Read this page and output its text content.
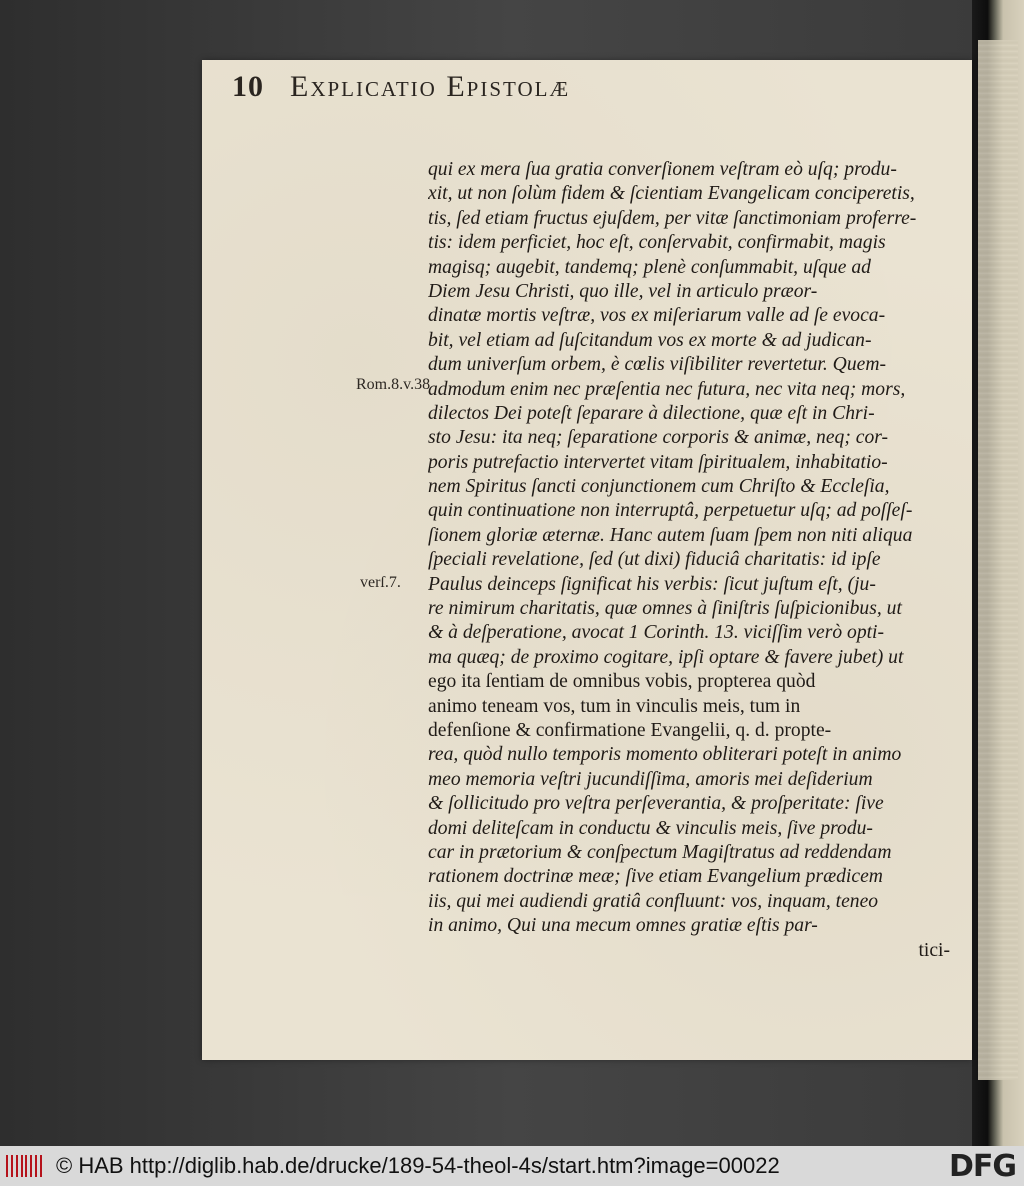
10 Explicatio Epistolæ
Rom.8.v.38
verſ.7.
qui ex mera ſua gratia converſionem veſtram eò uſq; produ-
xit, ut non ſolùm fidem & ſcientiam Evangelicam conciperetis,
tis, ſed etiam fructus ejuſdem, per vitæ ſanctimoniam proferre-
tis: idem perficiet, hoc eſt, conſervabit, confirmabit, magis
magisq; augebit, tandemq; plenè conſummabit, uſque ad
Diem Jesu Christi, quo ille, vel in articulo præor-
dinatæ mortis veſtræ, vos ex miſeriarum valle ad ſe evoca-
bit, vel etiam ad ſuſcitandum vos ex morte & ad judican-
dum univerſum orbem, è cœlis viſibiliter revertetur. Quem-
admodum enim nec præſentia nec futura, nec vita neq; mors,
dilectos Dei poteſt ſeparare à dilectione, quæ eſt in Chri-
sto Jesu: ita neq; ſeparatione corporis & animæ, neq; cor-
poris putrefactio intervertet vitam ſpiritualem, inhabitatio-
nem Spiritus ſancti conjunctionem cum Chriſto & Eccleſia,
quin continuatione non interruptâ, perpetuetur uſq; ad poſſeſ-
ſionem gloriæ æternæ. Hanc autem ſuam ſpem non niti aliqua
ſpeciali revelatione, ſed (ut dixi) fiduciâ charitatis: id ipſe
Paulus deinceps ſignificat his verbis: ſicut juſtum eſt, (ju-
re nimirum charitatis, quæ omnes à ſiniſtris ſuſpicionibus, ut
& à deſperatione, avocat 1 Corinth. 13. viciſſim verò opti-
ma quæq; de proximo cogitare, ipſi optare & favere jubet) ut
ego ita ſentiam de omnibus vobis, propterea quòd
animo teneam vos, tum in vinculis meis, tum in
defenſione & confirmatione Evangelii, q. d. propte-
rea, quòd nullo temporis momento obliterari poteſt in animo
meo memoria veſtri jucundiſſima, amoris mei deſiderium
& ſollicitudo pro veſtra perſeverantia, & proſperitate: ſive
domi deliteſcam in conductu & vinculis meis, ſive produ-
car in prætorium & conſpectum Magiſtratus ad reddendam
rationem doctrinæ meæ; ſive etiam Evangelium prædicem
iis, qui mei audiendi gratiâ confluunt: vos, inquam, teneo
in animo, Qui una mecum omnes gratiæ eſtis par-
tici-
© HAB http://diglib.hab.de/drucke/189-54-theol-4s/start.htm?image=00022	DFG
